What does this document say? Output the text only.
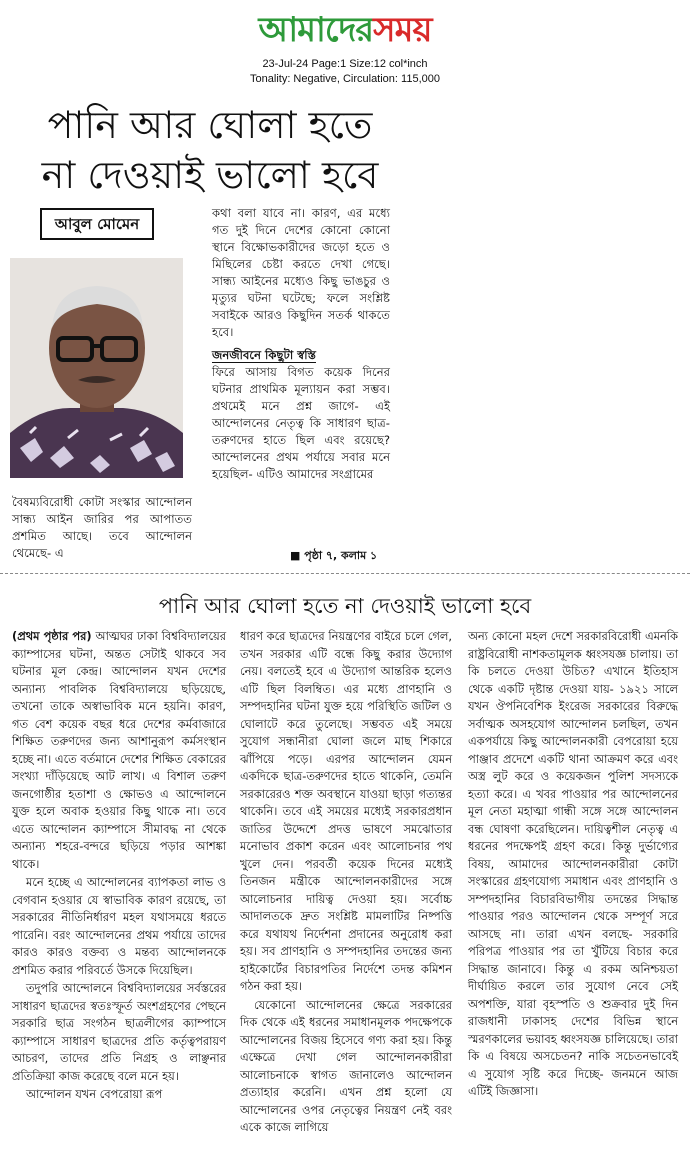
আমাদেরসময়
23-Jul-24 Page:1 Size:12 col*inch
Tonality: Negative, Circulation: 115,000
পানি আর ঘোলা হতে
না দেওয়াই ভালো হবে
আবুল মোমেন

বৈষম্যবিরোধী কোটা সংস্কার আন্দোলন সান্ধ্য আইন জারির পর আপাতত প্রশমিত আছে। তবে আন্দোলন থেমেছে- এ

কথা বলা যাবে না। কারণ, এর মধ্যে গত দুই দিনে দেশের কোনো কোনো স্থানে বিক্ষোভকারীদের জড়ো হতে ও মিছিলের চেষ্টা করতে দেখা গেছে। সান্ধ্য আইনের মধ্যেও কিছু ভাঙচুর ও মৃত্যুর ঘটনা ঘটেছে; ফলে সংশ্লিষ্ট সবাইকে আরও কিছুদিন সতর্ক থাকতে হবে।

জনজীবনে কিছুটা স্বস্তি

ফিরে আসায় বিগত কয়েক দিনের ঘটনার প্রাথমিক মূল্যায়ন করা সম্ভব। প্রথমেই মনে প্রশ্ন জাগে- এই আন্দোলনের নেতৃত্ব কি সাধারণ ছাত্র-তরুণদের হাতে ছিল এবং রয়েছে? আন্দোলনের প্রথম পর্যায়ে সবার মনে হয়েছিল- এটিও আমাদের সংগ্রামের

■ পৃষ্ঠা ৭, কলাম ১
পানি আর ঘোলা হতে না দেওয়াই ভালো হবে

(প্রথম পৃষ্ঠার পর) আত্মঘর ঢাকা বিশ্ববিদ্যালয়ের ক্যাম্পাসের ঘটনা, অন্তত সেটাই থাকবে সব ঘটনার মূল কেন্দ্র। আন্দোলন যখন দেশের অন্যান্য পাবলিক বিশ্ববিদ্যালয়ে ছড়িয়েছে, তখনো তাকে অস্বাভাবিক মনে হয়নি। কারণ, গত বেশ কয়েক বছর ধরে দেশের কর্মবাজারে শিক্ষিত তরুণদের জন্য আশানুরূপ কর্মসংস্থান হচ্ছে না। এতে বর্তমানে দেশের শিক্ষিত বেকারের সংখ্যা দাঁড়িয়েছে আট লাখ। এ বিশাল তরুণ জনগোষ্ঠীর হতাশা ও ক্ষোভও এ আন্দোলনে যুক্ত হলে অবাক হওয়ার কিছু থাকে না। তবে এতে আন্দোলন ক্যাম্পাসে সীমাবদ্ধ না থেকে অন্যান্য শহরে-বন্দরে ছড়িয়ে পড়ার আশঙ্কা থাকে।

মনে হচ্ছে এ আন্দোলনের ব্যাপকতা লাভ ও বেগবান হওয়ার যে স্বাভাবিক কারণ রয়েছে, তা সরকারের নীতিনির্ধারণ মহল যথাসময়ে ধরতে পারেনি। বরং আন্দোলনের প্রথম পর্যায়ে তাদের কারও কারও বক্তব্য ও মন্তব্য আন্দোলনকে প্রশমিত করার পরিবর্তে উসকে দিয়েছিল।

তদুপরি আন্দোলনে বিশ্ববিদ্যালয়ের সর্বস্তরের সাধারণ ছাত্রদের স্বতঃস্ফূর্ত অংশগ্রহণের পেছনে সরকারি ছাত্র সংগঠন ছাত্রলীগের ক্যাম্পাসে ক্যাম্পাসে সাধারণ ছাত্রদের প্রতি কর্তৃত্বপরায়ণ আচরণ, তাদের প্রতি নিগ্রহ ও লাঞ্ছনার প্রতিক্রিয়া কাজ করেছে বলে মনে হয়।

আন্দোলন যখন বেপরোয়া রূপ

ধারণ করে ছাত্রদের নিয়ন্ত্রণের বাইরে চলে গেল, তখন সরকার এটি বন্ধে কিছু করার উদ্যোগ নেয়। বলতেই হবে এ উদ্যোগ আন্তরিক হলেও এটি ছিল বিলম্বিত। এর মধ্যে প্রাণহানি ও সম্পদহানির ঘটনা যুক্ত হয়ে পরিস্থিতি জটিল ও ঘোলাটে করে তুলেছে। সম্ভবত এই সময়ে সুযোগ সন্ধানীরা ঘোলা জলে মাছ শিকারে ঝাঁপিয়ে পড়ে। এরপর আন্দোলন যেমন একদিকে ছাত্র-তরুণদের হাতে থাকেনি, তেমনি সরকারেরও শক্ত অবস্থানে যাওয়া ছাড়া গত্যন্তর থাকেনি। তবে এই সময়ের মধ্যেই সরকারপ্রধান জাতির উদ্দেশে প্রদত্ত ভাষণে সমঝোতার মনোভাব প্রকাশ করেন এবং আলোচনার পথ খুলে দেন। পরবর্তী কয়েক দিনের মধ্যেই তিনজন মন্ত্রীকে আন্দোলনকারীদের সঙ্গে আলোচনার দায়িত্ব দেওয়া হয়। সর্বোচ্চ আদালতকে দ্রুত সংশ্লিষ্ট মামলাটির নিষ্পত্তি করে যথাযথ নির্দেশনা প্রদানের অনুরোধ করা হয়। সব প্রাণহানি ও সম্পদহানির তদন্তের জন্য হাইকোর্টের বিচারপতির নির্দেশে তদন্ত কমিশন গঠন করা হয়।

যেকোনো আন্দোলনের ক্ষেত্রে সরকারের দিক থেকে এই ধরনের সমাধানমূলক পদক্ষেপকে আন্দোলনের বিজয় হিসেবে গণ্য করা হয়। কিন্তু এক্ষেত্রে দেখা গেল আন্দোলনকারীরা আলোচনাকে স্বাগত জানালেও আন্দোলন প্রত্যাহার করেনি। এখন প্রশ্ন হলো যে আন্দোলনের ওপর নেতৃত্বের নিয়ন্ত্রণ নেই বরং একে কাজে লাগিয়ে

অন্য কোনো মহল দেশে সরকারবিরোধী এমনকি রাষ্ট্রবিরোধী নাশকতামূলক ধ্বংসযজ্ঞ চালায়। তা কি চলতে দেওয়া উচিত? এখানে ইতিহাস থেকে একটি দৃষ্টান্ত দেওয়া যায়- ১৯২১ সালে যখন ঔপনিবেশিক ইংরেজ সরকারের বিরুদ্ধে সর্বাত্মক অসহযোগ আন্দোলন চলছিল, তখন একপর্যায়ে কিছু আন্দোলনকারী বেপরোয়া হয়ে পাঞ্জাব প্রদেশে একটি থানা আক্রমণ করে এবং অস্ত্র লুট করে ও কয়েকজন পুলিশ সদস্যকে হত্যা করে। এ খবর পাওয়ার পর আন্দোলনের মূল নেতা মহাত্মা গান্ধী সঙ্গে সঙ্গে আন্দোলন বন্ধ ঘোষণা করেছিলেন। দায়িত্বশীল নেতৃত্ব এ ধরনের পদক্ষেপই গ্রহণ করে। কিন্তু দুর্ভাগ্যের বিষয়, আমাদের আন্দোলনকারীরা কোটা সংস্কারের গ্রহণযোগ্য সমাধান এবং প্রাণহানি ও সম্পদহানির বিচারবিভাগীয় তদন্তের সিদ্ধান্ত পাওয়ার পরও আন্দোলন থেকে সম্পূর্ণ সরে আসছে না। তারা এখন বলছে- সরকারি পরিপত্র পাওয়ার পর তা খুঁটিয়ে বিচার করে সিদ্ধান্ত জানাবে। কিন্তু এ রকম অনিশ্চয়তা দীর্ঘায়িত করলে তার সুযোগ নেবে সেই অপশক্তি, যারা বৃহস্পতি ও শুক্রবার দুই দিন রাজধানী ঢাকাসহ দেশের বিভিন্ন স্থানে স্মরণকালের ভয়াবহ ধ্বংসযজ্ঞ চালিয়েছে। তারা কি এ বিষয়ে অসচেতন? নাকি সচেতনভাবেই এ সুযোগ সৃষ্টি করে দিচ্ছে- জনমনে আজ এটিই জিজ্ঞাসা।
